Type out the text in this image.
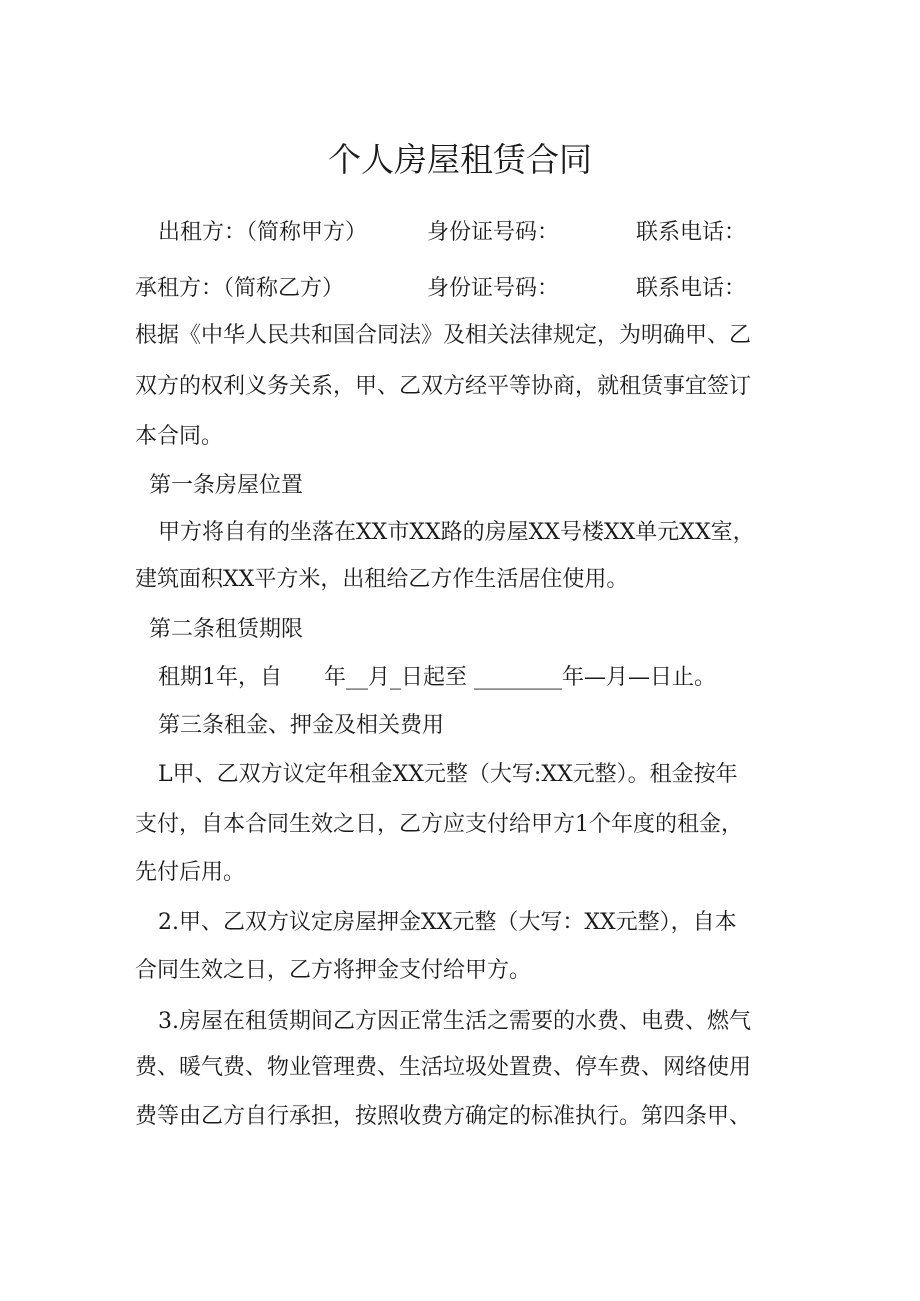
个人房屋租赁合同
出租方：（简称甲方）	身份证号码：	联系电话：
承租方：（简称乙方）	身份证号码：	联系电话：
根据《中华人民共和国合同法》及相关法律规定，为明确甲、乙
双方的权利义务关系，甲、乙双方经平等协商，就租赁事宜签订
本合同。
第一条房屋位置
甲方将自有的坐落在XX市XX路的房屋XX号楼XX单元XX室，
建筑面积XX平方米，出租给乙方作生活居住使用。
第二条租赁期限
租期1年，自      年__月_日起至 ________年—月—日止。
第三条租金、押金及相关费用
L甲、乙双方议定年租金XX元整（大写:XX元整）。租金按年
支付，自本合同生效之日，乙方应支付给甲方1个年度的租金，
先付后用。
2.甲、乙双方议定房屋押金XX元整（大写：XX元整），自本
合同生效之日，乙方将押金支付给甲方。
3.房屋在租赁期间乙方因正常生活之需要的水费、电费、燃气
费、暖气费、物业管理费、生活垃圾处置费、停车费、网络使用
费等由乙方自行承担，按照收费方确定的标准执行。第四条甲、
